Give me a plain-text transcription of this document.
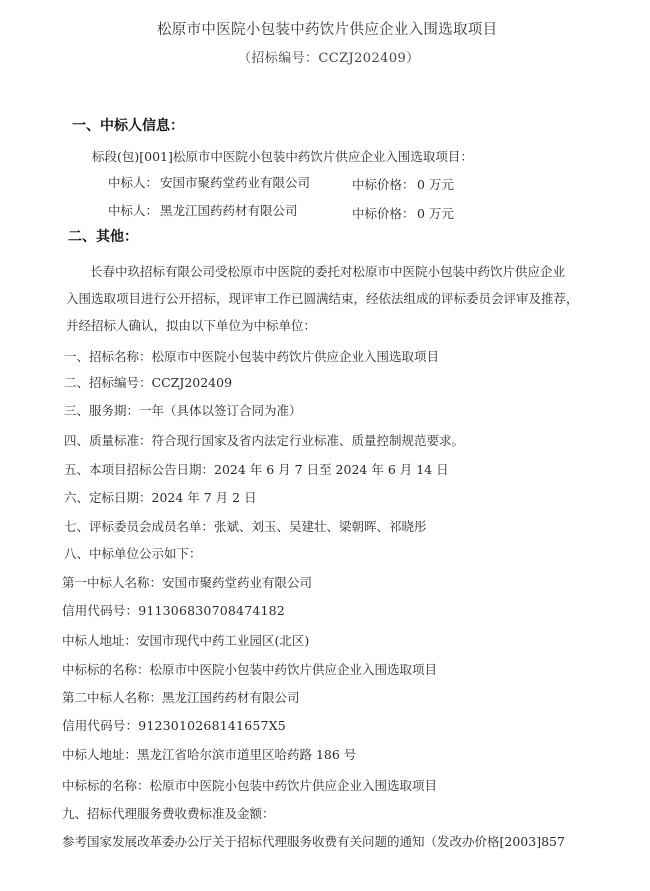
松原市中医院小包装中药饮片供应企业入围选取项目
（招标编号：CCZJ202409）
一、中标人信息：
标段(包)[001]松原市中医院小包装中药饮片供应企业入围选取项目：
中标人： 安国市聚药堂药业有限公司	中标价格： 0 万元
中标人： 黑龙江国药药材有限公司	中标价格： 0 万元
二、其他：
长春中玖招标有限公司受松原市中医院的委托对松原市中医院小包装中药饮片供应企业
入围选取项目进行公开招标，现评审工作已圆满结束，经依法组成的评标委员会评审及推荐，
并经招标人确认，拟由以下单位为中标单位：
一、招标名称：松原市中医院小包装中药饮片供应企业入围选取项目
二、招标编号：CCZJ202409
三、服务期：一年（具体以签订合同为准）
四、质量标准：符合现行国家及省内法定行业标准、质量控制规范要求。
五、本项目招标公告日期：2024 年 6 月 7 日至 2024 年 6 月 14 日
六、定标日期：2024 年 7 月 2 日
七、评标委员会成员名单：张斌、刘玉、吴建壮、梁朝晖、祁晓彤
八、中标单位公示如下：
第一中标人名称：安国市聚药堂药业有限公司
信用代码号：91130683070847418​2
中标人地址：安国市现代中药工业园区(北区)
中标标的名称：松原市中医院小包装中药饮片供应企业入围选取项目
第二中标人名称：黑龙江国药药材有限公司
信用代码号：912301026814165​7X5
中标人地址：黑龙江省哈尔滨市道里区哈药路 186 号
中标标的名称：松原市中医院小包装中药饮片供应企业入围选取项目
九、招标代理服务费收费标准及金额：
参考国家发展改革委办公厅关于招标代理服务收费有关问题的通知（发改办价格[2003]857
